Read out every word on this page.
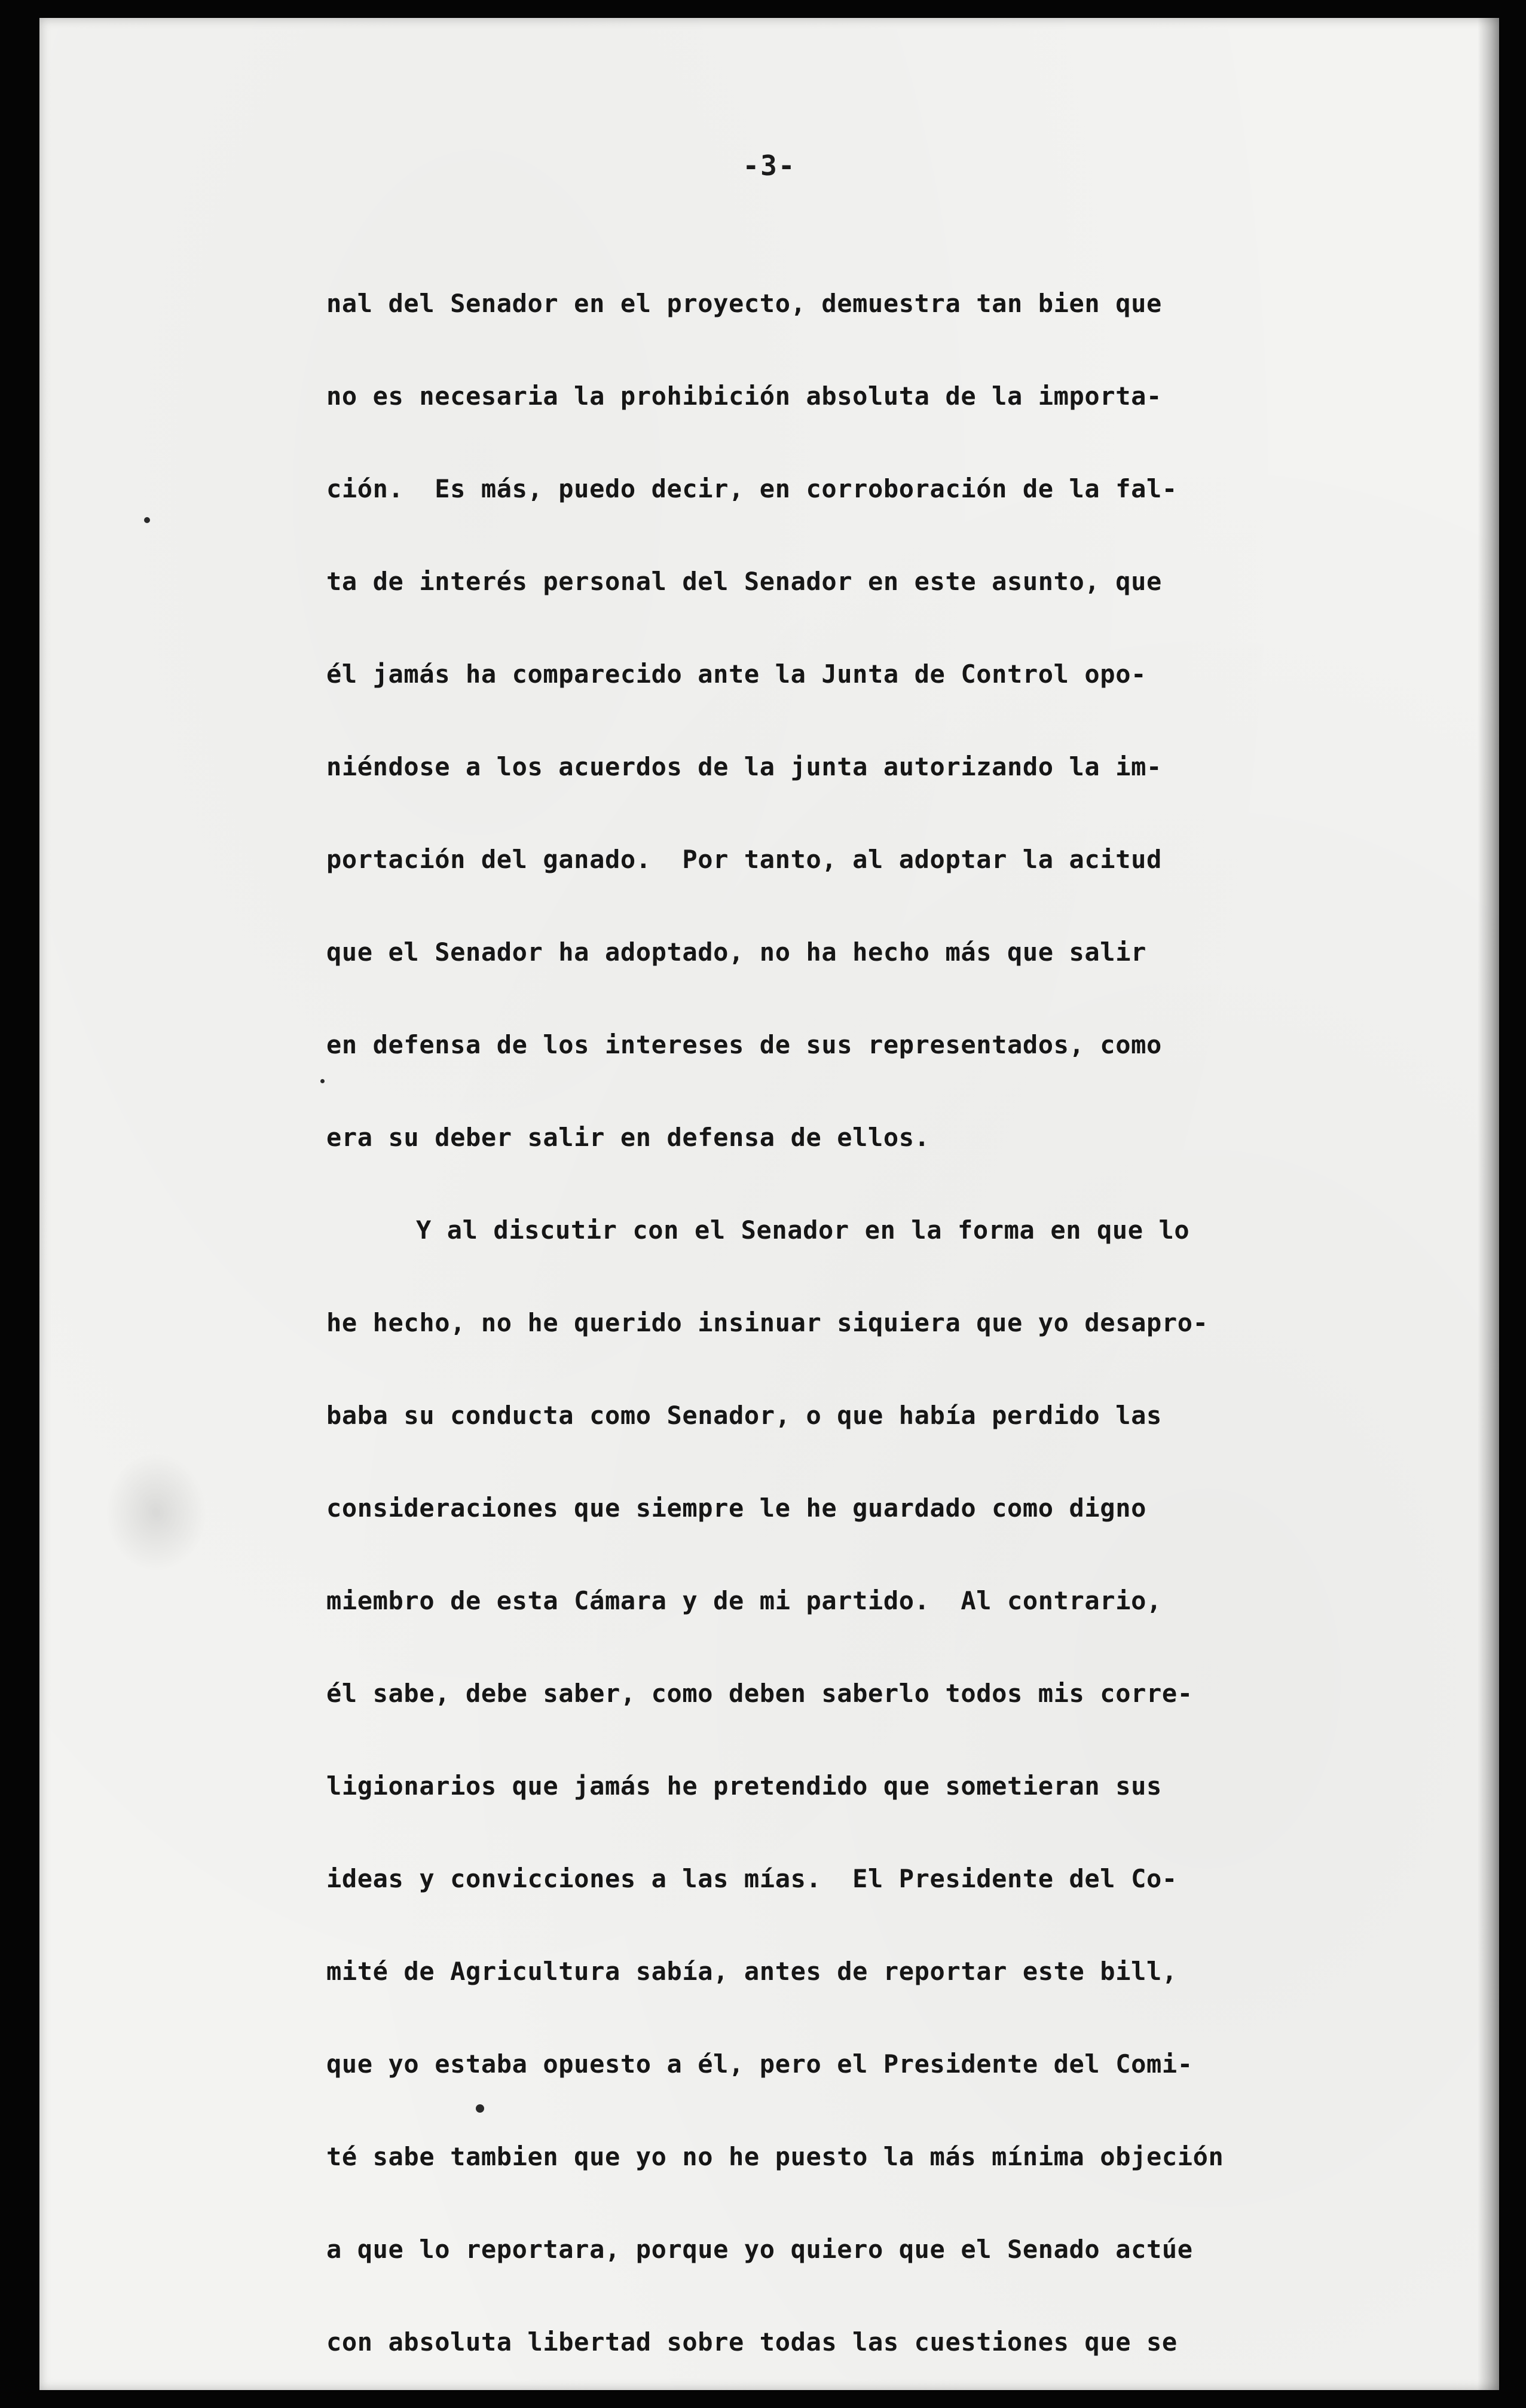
-3-
nal del Senador en el proyecto, demuestra tan bien que
no es necesaria la prohibición absoluta de la importa-
ción.  Es más, puedo decir, en corroboración de la fal-
ta de interés personal del Senador en este asunto, que
él jamás ha comparecido ante la Junta de Control opo-
niéndose a los acuerdos de la junta autorizando la im-
portación del ganado.  Por tanto, al adoptar la acitud
que el Senador ha adoptado, no ha hecho más que salir
en defensa de los intereses de sus representados, como
era su deber salir en defensa de ellos.
Y al discutir con el Senador en la forma en que lo
he hecho, no he querido insinuar siquiera que yo desapro-
baba su conducta como Senador, o que había perdido las
consideraciones que siempre le he guardado como digno
miembro de esta Cámara y de mi partido.  Al contrario,
él sabe, debe saber, como deben saberlo todos mis corre-
ligionarios que jamás he pretendido que sometieran sus
ideas y convicciones a las mías.  El Presidente del Co-
mité de Agricultura sabía, antes de reportar este bill,
que yo estaba opuesto a él, pero el Presidente del Comi-
té sabe tambien que yo no he puesto la más mínima objeción
a que lo reportara, porque yo quiero que el Senado actúe
con absoluta libertad sobre todas las cuestiones que se
